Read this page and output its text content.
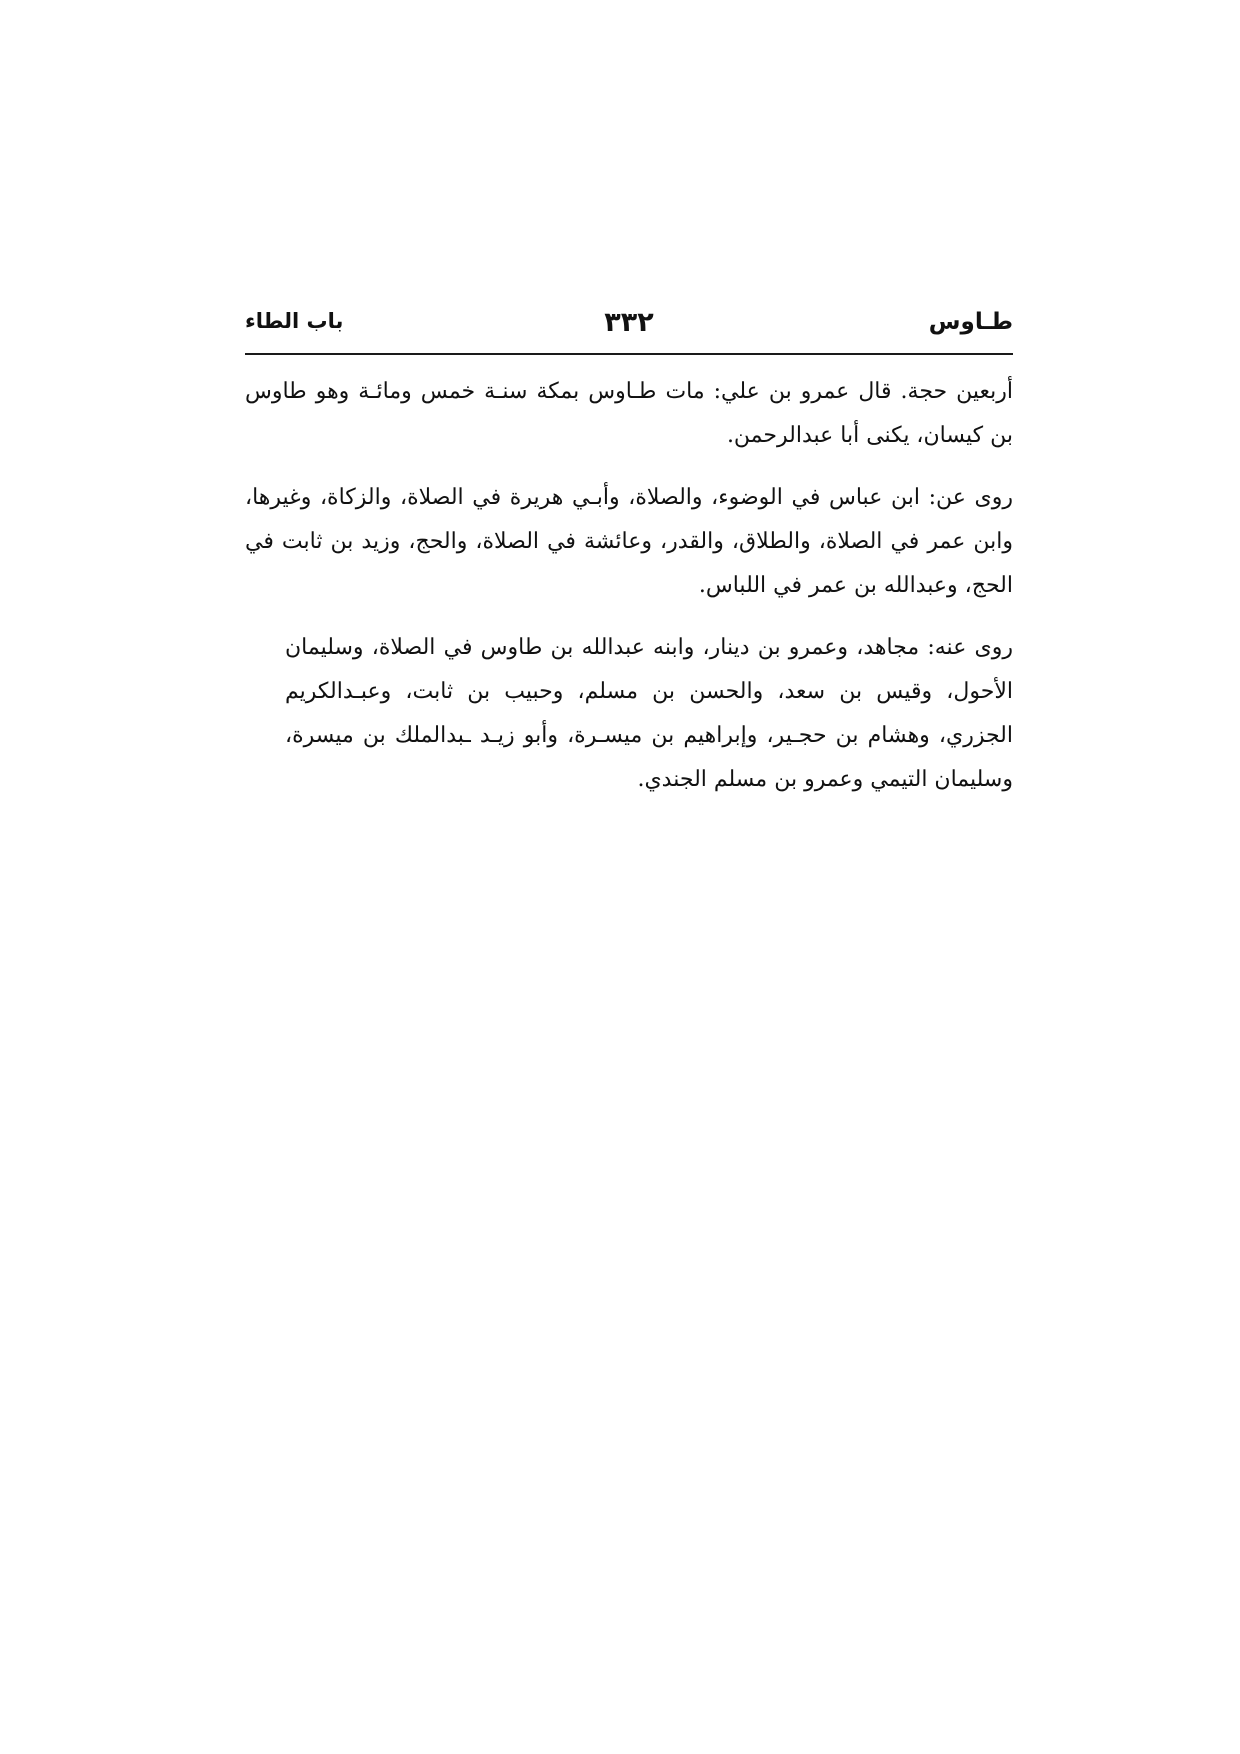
طـاوس
٣٣٢
باب الطاء

أربعين حجة. قال عمرو بن علي: مات طـاوس بمكة سنـة خمس ومائـة وهو طاوس بن كيسان، يكنى أبا عبدالرحمن.

روى عن: ابن عباس في الوضوء، والصلاة، وأبـي هريرة في الصلاة، والزكاة، وغيرها، وابن عمر في الصلاة، والطلاق، والقدر، وعائشة في الصلاة، والحج، وزيد بن ثابت في الحج، وعبدالله بن عمر في اللباس.

روى عنه: مجاهد، وعمرو بن دينار، وابنه عبدالله بن طاوس في الصلاة، وسليمان الأحول، وقيس بن سعد، والحسن بن مسلم، وحبيب بن ثابت، وعبـدالكريم الجزري، وهشام بن حجـير، وإبراهيم بن ميسـرة، وأبو زيـد ـبدالملك بن ميسرة، وسليمان التيمي وعمرو بن مسلم الجندي.
